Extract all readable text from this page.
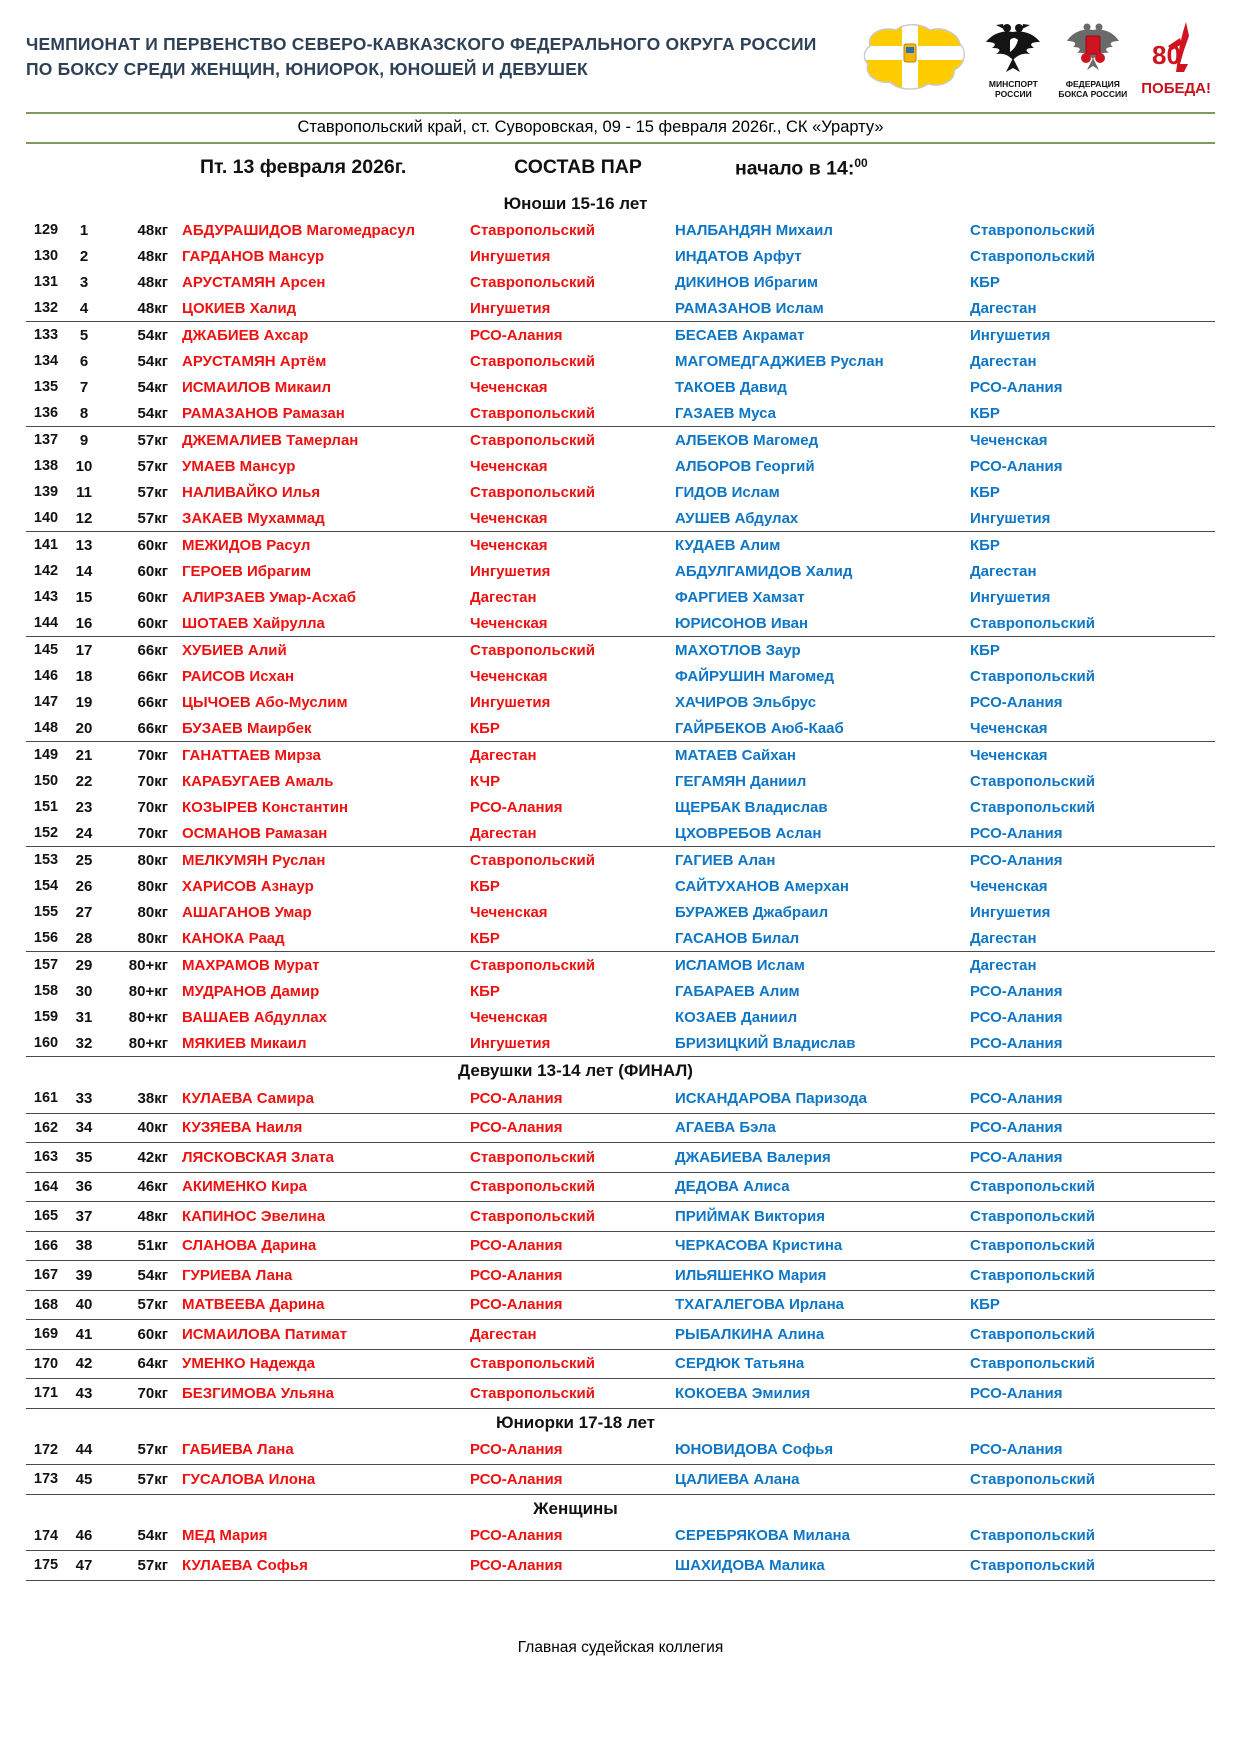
ЧЕМПИОНАТ И ПЕРВЕНСТВО СЕВЕРО-КАВКАЗСКОГО ФЕДЕРАЛЬНОГО ОКРУГА РОССИИ
ПО БОКСУ СРЕДИ ЖЕНЩИН, ЮНИОРОК, ЮНОШЕЙ И ДЕВУШЕК
МИНСПОРТ
РОССИИ
ФЕДЕРАЦИЯ
БОКСА РОССИИ
80
ПОБЕДА!
Ставропольский край, ст. Суворовская, 09 - 15 февраля 2026г., СК «Урарту»
Пт. 13 февраля 2026г.	СОСТАВ ПАР	начало в 14:$^{00}$
Юноши 15-16 лет
129	1	48кг АБДУРАШИДОВ Магомедрасул	Ставропольский	НАЛБАНДЯН Михаил	Ставропольский
130	2	48кг ГАРДАНОВ Мансур	Ингушетия	ИНДАТОВ Арфут	Ставропольский
131	3	48кг АРУСТАМЯН Арсен	Ставропольский	ДИКИНОВ Ибрагим	КБР
132	4	48кг ЦОКИЕВ Халид	Ингушетия	РАМАЗАНОВ Ислам	Дагестан
133	5	54кг ДЖАБИЕВ Ахсар	РСО-Алания	БЕСАЕВ Акрамат	Ингушетия
134	6	54кг АРУСТАМЯН Артём	Ставропольский	МАГОМЕДГАДЖИЕВ Руслан	Дагестан
135	7	54кг ИСМАИЛОВ Микаил	Чеченская	ТАКОЕВ Давид	РСО-Алания
136	8	54кг РАМАЗАНОВ Рамазан	Ставропольский	ГАЗАЕВ Муса	КБР
137	9	57кг ДЖЕМАЛИЕВ Тамерлан	Ставропольский	АЛБЕКОВ Магомед	Чеченская
138	10	57кг УМАЕВ Мансур	Чеченская	АЛБОРОВ Георгий	РСО-Алания
139	11	57кг НАЛИВАЙКО Илья	Ставропольский	ГИДОВ Ислам	КБР
140	12	57кг ЗАКАЕВ Мухаммад	Чеченская	АУШЕВ Абдулах	Ингушетия
141	13	60кг МЕЖИДОВ Расул	Чеченская	КУДАЕВ Алим	КБР
142	14	60кг ГЕРОЕВ Ибрагим	Ингушетия	АБДУЛГАМИДОВ Халид	Дагестан
143	15	60кг АЛИРЗАЕВ Умар-Асхаб	Дагестан	ФАРГИЕВ Хамзат	Ингушетия
144	16	60кг ШОТАЕВ Хайрулла	Чеченская	ЮРИСОНОВ Иван	Ставропольский
145	17	66кг ХУБИЕВ Алий	Ставропольский	МАХОТЛОВ Заур	КБР
146	18	66кг РАИСОВ Исхан	Чеченская	ФАЙРУШИН Магомед	Ставропольский
147	19	66кг ЦЫЧОЕВ Або-Муслим	Ингушетия	ХАЧИРОВ Эльбрус	РСО-Алания
148	20	66кг БУЗАЕВ Маирбек	КБР	ГАЙРБЕКОВ Аюб-Кааб	Чеченская
149	21	70кг ГАНАТТАЕВ Мирза	Дагестан	МАТАЕВ Сайхан	Чеченская
150	22	70кг КАРАБУГАЕВ Амаль	КЧР	ГЕГАМЯН Даниил	Ставропольский
151	23	70кг КОЗЫРЕВ Константин	РСО-Алания	ЩЕРБАК Владислав	Ставропольский
152	24	70кг ОСМАНОВ Рамазан	Дагестан	ЦХОВРЕБОВ Аслан	РСО-Алания
153	25	80кг МЕЛКУМЯН Руслан	Ставропольский	ГАГИЕВ Алан	РСО-Алания
154	26	80кг ХАРИСОВ Азнаур	КБР	САЙТУХАНОВ Амерхан	Чеченская
155	27	80кг АШАГАНОВ Умар	Чеченская	БУРАЖЕВ Джабраил	Ингушетия
156	28	80кг КАНОКА Раад	КБР	ГАСАНОВ Билал	Дагестан
157	29	80+кг МАХРАМОВ Мурат	Ставропольский	ИСЛАМОВ Ислам	Дагестан
158	30	80+кг МУДРАНОВ Дамир	КБР	ГАБАРАЕВ Алим	РСО-Алания
159	31	80+кг ВАШАЕВ Абдуллах	Чеченская	КОЗАЕВ Даниил	РСО-Алания
160	32	80+кг МЯКИЕВ Микаил	Ингушетия	БРИЗИЦКИЙ Владислав	РСО-Алания
Девушки 13-14 лет (ФИНАЛ)
161	33	38кг КУЛАЕВА Самира	РСО-Алания	ИСКАНДАРОВА Паризода	РСО-Алания
162	34	40кг КУЗЯЕВА Наиля	РСО-Алания	АГАЕВА Бэла	РСО-Алания
163	35	42кг ЛЯСКОВСКАЯ Злата	Ставропольский	ДЖАБИЕВА Валерия	РСО-Алания
164	36	46кг АКИМЕНКО Кира	Ставропольский	ДЕДОВА Алиса	Ставропольский
165	37	48кг КАПИНОС Эвелина	Ставропольский	ПРИЙМАК Виктория	Ставропольский
166	38	51кг СЛАНОВА Дарина	РСО-Алания	ЧЕРКАСОВА Кристина	Ставропольский
167	39	54кг ГУРИЕВА Лана	РСО-Алания	ИЛЬЯШЕНКО Мария	Ставропольский
168	40	57кг МАТВЕЕВА Дарина	РСО-Алания	ТХАГАЛЕГОВА Ирлана	КБР
169	41	60кг ИСМАИЛОВА Патимат	Дагестан	РЫБАЛКИНА Алина	Ставропольский
170	42	64кг УМЕНКО Надежда	Ставропольский	СЕРДЮК Татьяна	Ставропольский
171	43	70кг БЕЗГИМОВА Ульяна	Ставропольский	КОКОЕВА Эмилия	РСО-Алания
Юниорки 17-18 лет
172	44	57кг ГАБИЕВА Лана	РСО-Алания	ЮНОВИДОВА Софья	РСО-Алания
173	45	57кг ГУСАЛОВА Илона	РСО-Алания	ЦАЛИЕВА Алана	Ставропольский
Женщины
174	46	54кг МЕД Мария	РСО-Алания	СЕРЕБРЯКОВА Милана	Ставропольский
175	47	57кг КУЛАЕВА Софья	РСО-Алания	ШАХИДОВА Малика	Ставропольский
Главная судейская коллегия
